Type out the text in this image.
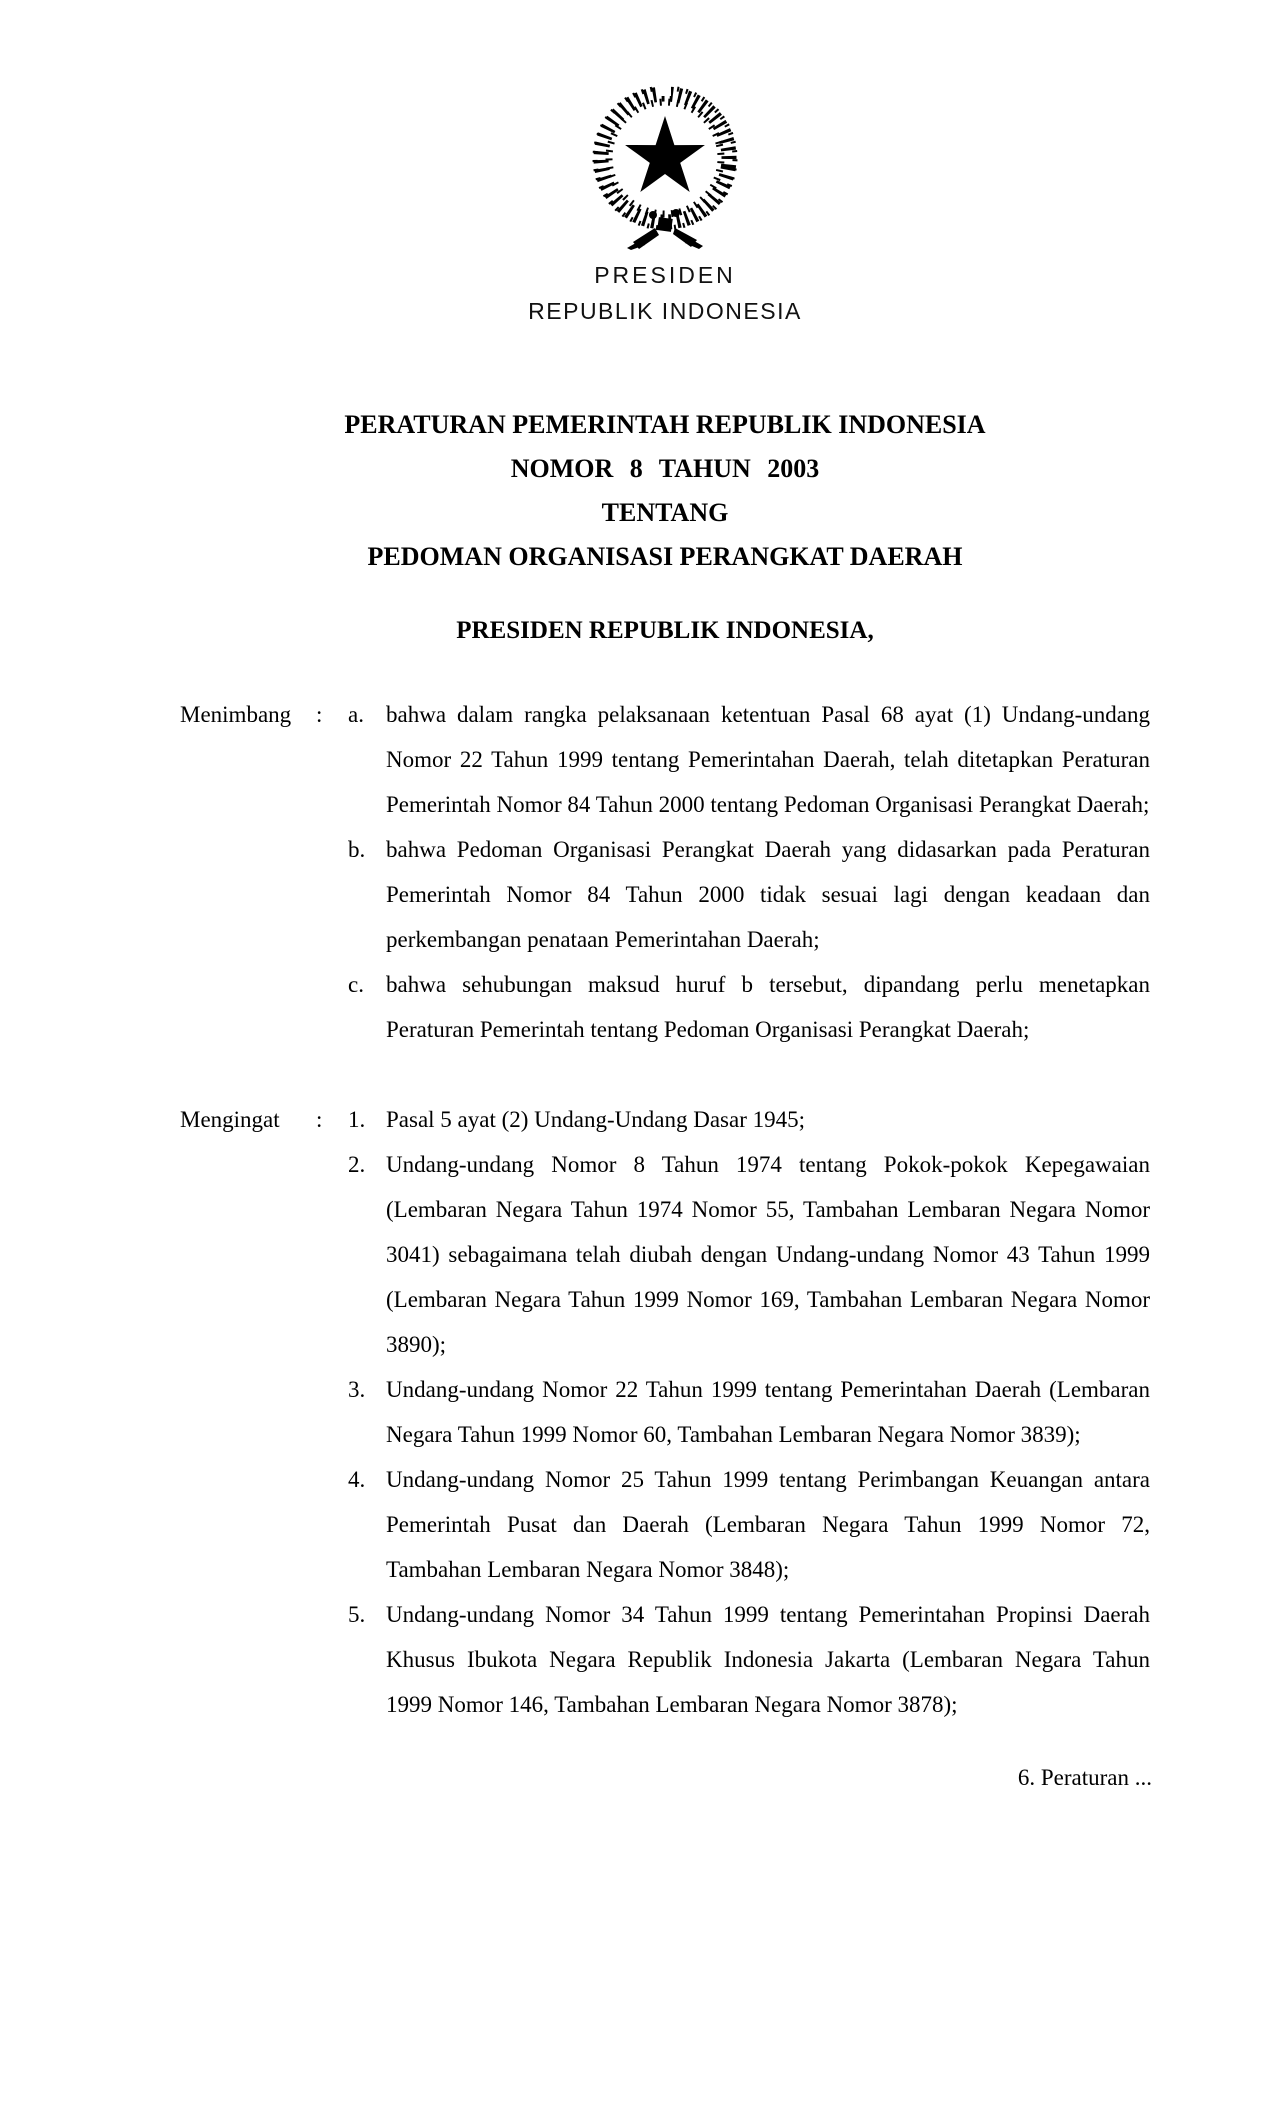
PRESIDEN
REPUBLIK INDONESIA
PERATURAN PEMERINTAH REPUBLIK INDONESIA
NOMOR 8 TAHUN 2003
TENTANG
PEDOMAN ORGANISASI PERANGKAT DAERAH
PRESIDEN REPUBLIK INDONESIA,
Menimbang : a. bahwa dalam rangka pelaksanaan ketentuan Pasal 68 ayat (1) Undang-undang Nomor 22 Tahun 1999 tentang Pemerintahan Daerah, telah ditetapkan Peraturan Pemerintah Nomor 84 Tahun 2000 tentang Pedoman Organisasi Perangkat Daerah;
b. bahwa Pedoman Organisasi Perangkat Daerah yang didasarkan pada Peraturan Pemerintah Nomor 84 Tahun 2000 tidak sesuai lagi dengan keadaan dan perkembangan penataan Pemerintahan Daerah;
c. bahwa sehubungan maksud huruf b tersebut, dipandang perlu menetapkan Peraturan Pemerintah tentang Pedoman Organisasi Perangkat Daerah;
Mengingat : 1. Pasal 5 ayat (2) Undang-Undang Dasar 1945;
2. Undang-undang Nomor 8 Tahun 1974 tentang Pokok-pokok Kepegawaian (Lembaran Negara Tahun 1974 Nomor 55, Tambahan Lembaran Negara Nomor 3041) sebagaimana telah diubah dengan Undang-undang Nomor 43 Tahun 1999 (Lembaran Negara Tahun 1999 Nomor 169, Tambahan Lembaran Negara Nomor 3890);
3. Undang-undang Nomor 22 Tahun 1999 tentang Pemerintahan Daerah (Lembaran Negara Tahun 1999 Nomor 60, Tambahan Lembaran Negara Nomor 3839);
4. Undang-undang Nomor 25 Tahun 1999 tentang Perimbangan Keuangan antara Pemerintah Pusat dan Daerah (Lembaran Negara Tahun 1999 Nomor 72, Tambahan Lembaran Negara Nomor 3848);
5. Undang-undang Nomor 34 Tahun 1999 tentang Pemerintahan Propinsi Daerah Khusus Ibukota Negara Republik Indonesia Jakarta (Lembaran Negara Tahun 1999 Nomor 146, Tambahan Lembaran Negara Nomor 3878);
6. Peraturan ...
